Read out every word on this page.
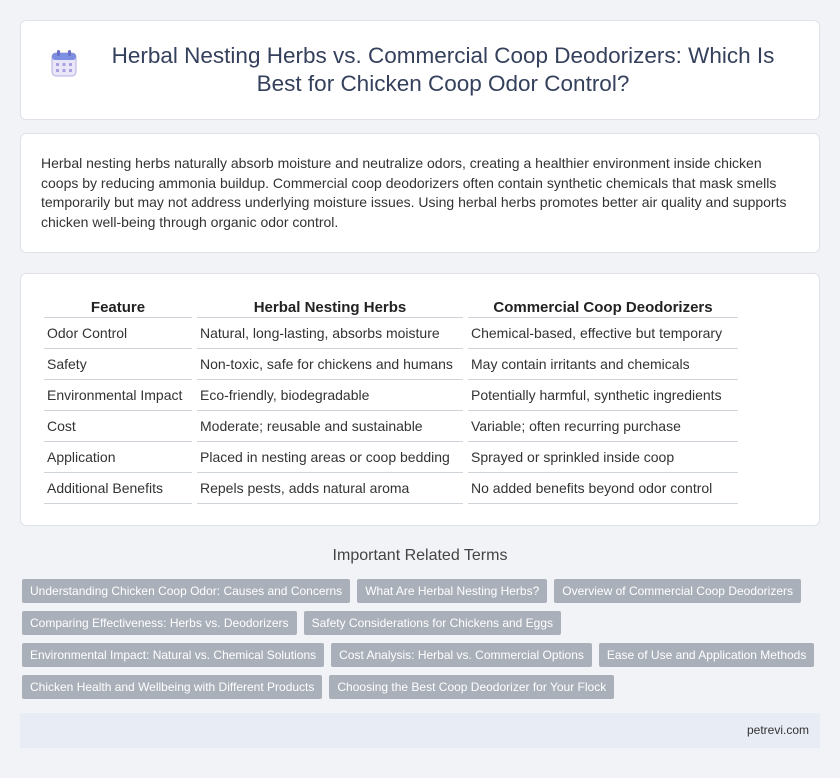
Herbal Nesting Herbs vs. Commercial Coop Deodorizers: Which Is Best for Chicken Coop Odor Control?

Herbal nesting herbs naturally absorb moisture and neutralize odors, creating a healthier environment inside chicken coops by reducing ammonia buildup. Commercial coop deodorizers often contain synthetic chemicals that mask smells temporarily but may not address underlying moisture issues. Using herbal herbs promotes better air quality and supports chicken well-being through organic odor control.

Feature	Herbal Nesting Herbs	Commercial Coop Deodorizers
Odor Control	Natural, long-lasting, absorbs moisture	Chemical-based, effective but temporary
Safety	Non-toxic, safe for chickens and humans	May contain irritants and chemicals
Environmental Impact	Eco-friendly, biodegradable	Potentially harmful, synthetic ingredients
Cost	Moderate; reusable and sustainable	Variable; often recurring purchase
Application	Placed in nesting areas or coop bedding	Sprayed or sprinkled inside coop
Additional Benefits	Repels pests, adds natural aroma	No added benefits beyond odor control
Important Related Terms
Understanding Chicken Coop Odor: Causes and Concerns	What Are Herbal Nesting Herbs?	Overview of Commercial Coop Deodorizers
Comparing Effectiveness: Herbs vs. Deodorizers	Safety Considerations for Chickens and Eggs
Environmental Impact: Natural vs. Chemical Solutions	Cost Analysis: Herbal vs. Commercial Options	Ease of Use and Application Methods
Chicken Health and Wellbeing with Different Products	Choosing the Best Coop Deodorizer for Your Flock
petrevi.com
